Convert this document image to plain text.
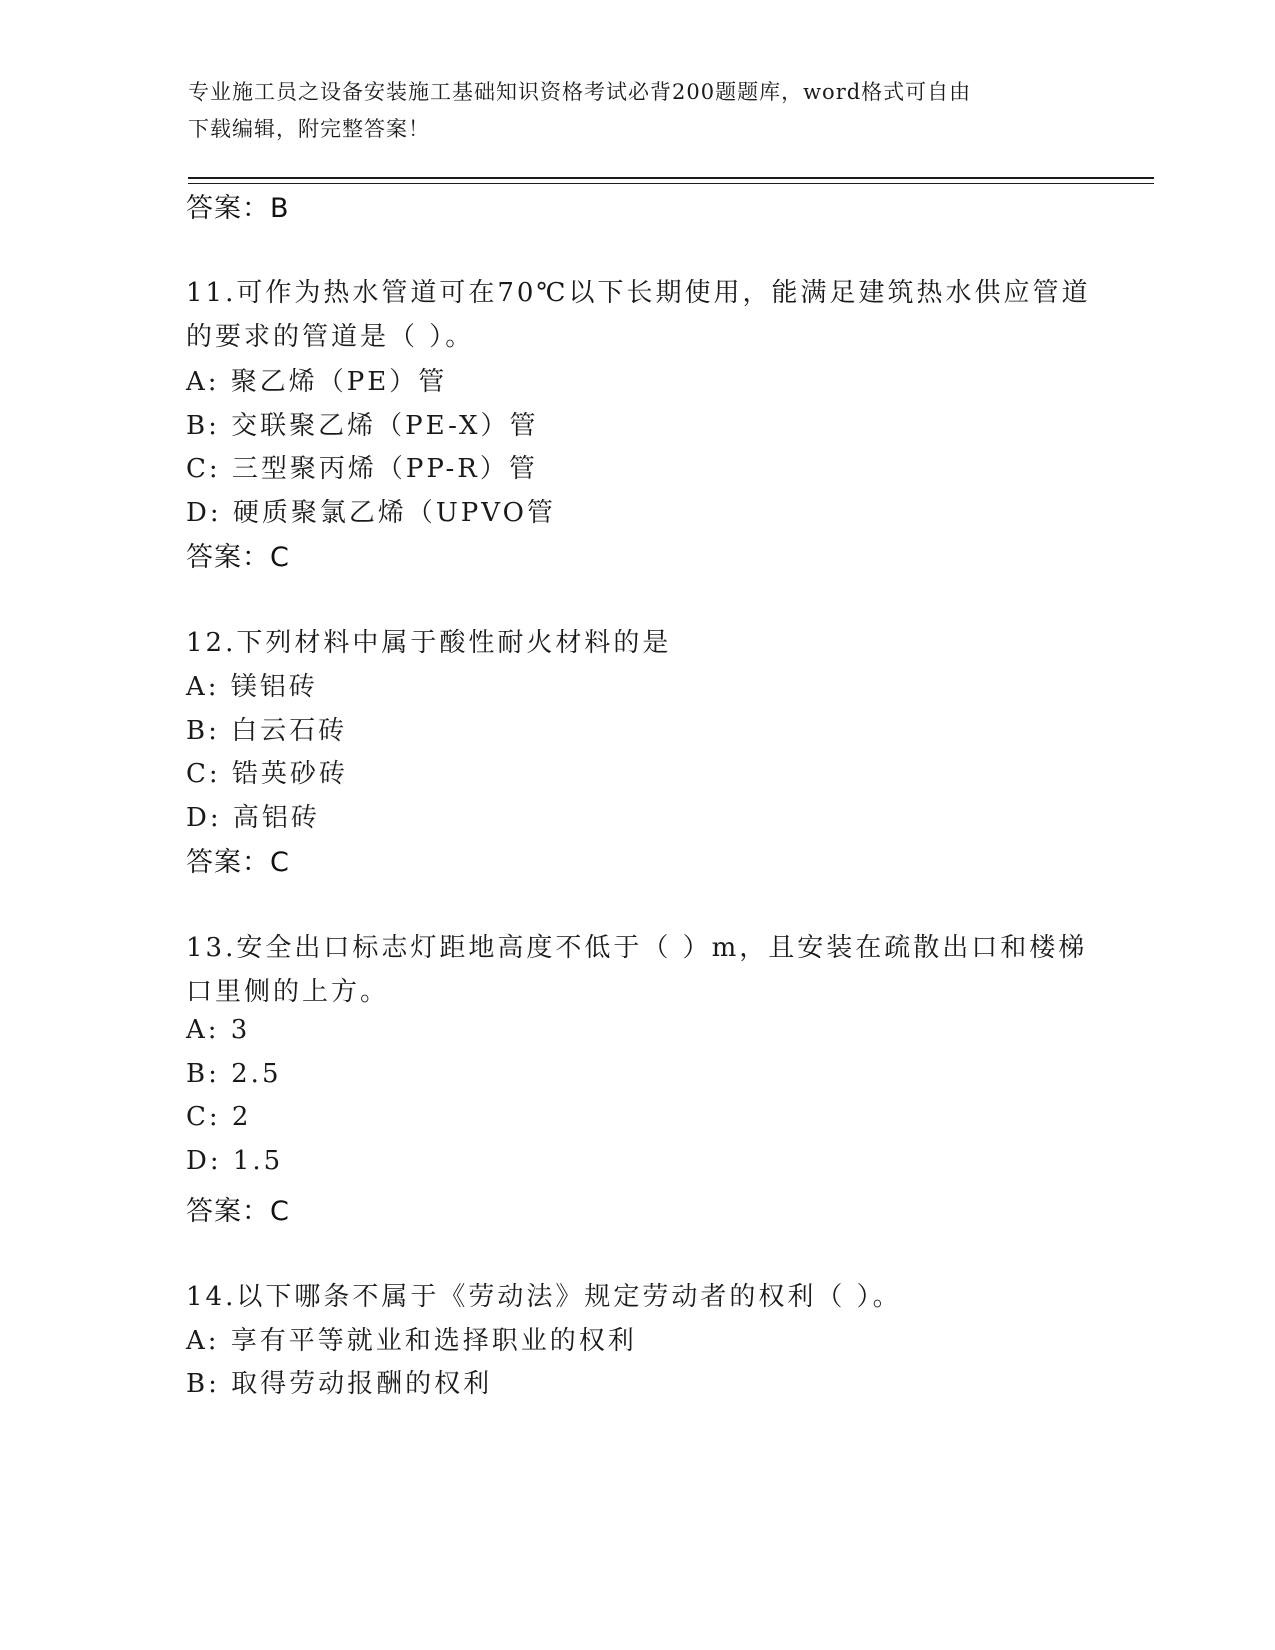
专业施工员之设备安装施工基础知识资格考试必背200题题库，word格式可自由
下载编辑，附完整答案！
答案：B
11.可作为热水管道可在70℃以下长期使用，能满足建筑热水供应管道
的要求的管道是（ ）。
A: 聚乙烯（PE）管
B: 交联聚乙烯（PE-X）管
C: 三型聚丙烯（PP-R）管
D: 硬质聚氯乙烯（UPVO管
答案：C
12.下列材料中属于酸性耐火材料的是
A: 镁铝砖
B: 白云石砖
C: 锆英砂砖
D: 高铝砖
答案：C
13.安全出口标志灯距地高度不低于（ ）m，且安装在疏散出口和楼梯
口里侧的上方。
A: 3
B: 2.5
C: 2
D: 1.5
答案：C
14.以下哪条不属于《劳动法》规定劳动者的权利（ ）。
A: 享有平等就业和选择职业的权利
B: 取得劳动报酬的权利
